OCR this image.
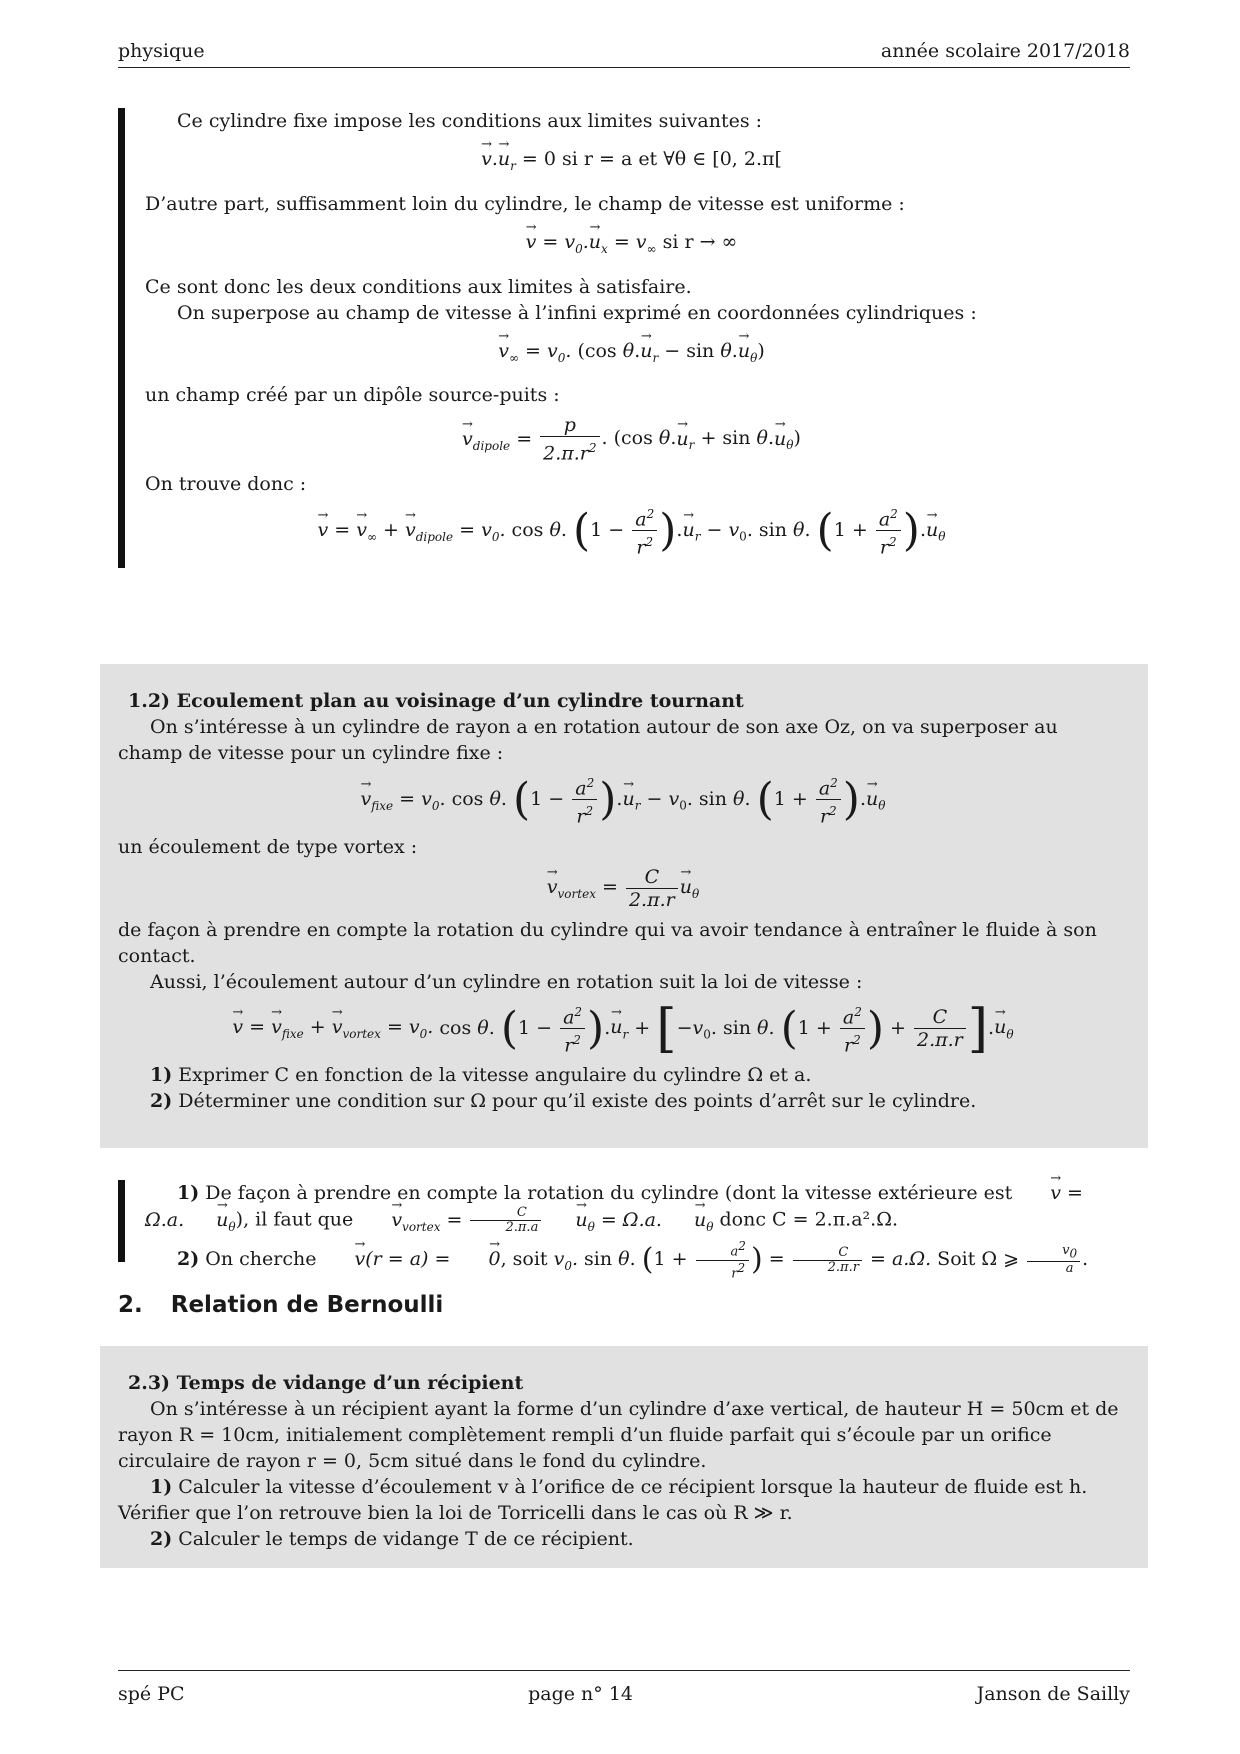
physique	année scolaire 2017/2018

Ce cylindre fixe impose les conditions aux limites suivantes :

→ $v.\to u_r = 0$ si r = a et ∀θ ∈ [0, 2.π[

D’autre part, suffisamment loin du cylindre, le champ de vitesse est uniforme :

→ $v = v_0.\to u_x = v_\infty$ si r → ∞

Ce sont donc les deux conditions aux limites à satisfaire.

On superpose au champ de vitesse à l’infini exprimé en coordonnées cylindriques :

→ $v_\infty = v_0$. (cos $\theta.\to u_r - \sin \theta.\to u_\theta$)

un champ créé par un dipôle source-puits :

→ $v_{dipole} = \frac{p}{2.\pi.r^2}$ . (cos $\theta.\to u_r + \sin \theta.\to u_\theta$)

On trouve donc :

→ v = → $v_\infty$ + → $v_{dipole} = v_0$. cos θ. ($1 - \frac{a^2}{r^2}$ ).→ $u_r - v_0$. sin θ. ($1 + \frac{a^2}{r^2}$ ).→ $u_\theta$

1.2) Ecoulement plan au voisinage d’un cylindre tournant

On s’intéresse à un cylindre de rayon a en rotation autour de son axe Oz, on va superposer au champ de vitesse pour un cylindre fixe :

→ $v_{fixe} = v_0$. cos θ. ($1 - \frac{a^2}{r^2}$ ).→ $u_r - v_0$. sin θ. ($1 + \frac{a^2}{r^2}$ ).→ $u_\theta$

un écoulement de type vortex :

→ $v_{vortex} = \frac{C}{2.\pi.r}$
→ $u_\theta$

de façon à prendre en compte la rotation du cylindre qui va avoir tendance à entraîner le fluide à son contact.

Aussi, l’écoulement autour d’un cylindre en rotation suit la loi de vitesse :

→ v = → $v_{fixe}$ + → $v_{vortex} = v_0$. cos θ. ($1 - \frac{a^2}{r^2}$ ).→ $u_r + [-v_0$. sin θ. ($1 + \frac{a^2}{r^2}$ ) + $\frac{C}{2.\pi.r}$ ].→ $u_\theta$

1) Exprimer C en fonction de la vitesse angulaire du cylindre Ω et a.

2) Déterminer une condition sur Ω pour qu’il existe des points d’arrêt sur le cylindre.

1) De façon à prendre en compte la rotation du cylindre (dont la vitesse extérieure est → $v = \Omega.a.\to u_\theta$), il faut que → $v_{vortex} = \frac{C}{2.\pi.a}$
→ $u_\theta = \Omega.a.\to u_\theta$ donc C = 2.π.a².Ω.

2) On cherche → v(r = a) = → 0, soit $v_0$. sin θ. ($1 + \frac{a^2}{r^2}$ ) = $\frac{C}{2.\pi.r} = a.\Omega$. Soit Ω ⩾ $\frac{v_0}{a}$ .

2. Relation de Bernoulli

2.3) Temps de vidange d’un récipient

On s’intéresse à un récipient ayant la forme d’un cylindre d’axe vertical, de hauteur H = 50cm et de rayon R = 10cm, initialement complètement rempli d’un fluide parfait qui s’écoule par un orifice circulaire de rayon r = 0, 5cm situé dans le fond du cylindre.

1) Calculer la vitesse d’écoulement v à l’orifice de ce récipient lorsque la hauteur de fluide est h. Vérifier que l’on retrouve bien la loi de Torricelli dans le cas où R ≫ r.

2) Calculer le temps de vidange T de ce récipient.

spé PC	page n° 14	Janson de Sailly
